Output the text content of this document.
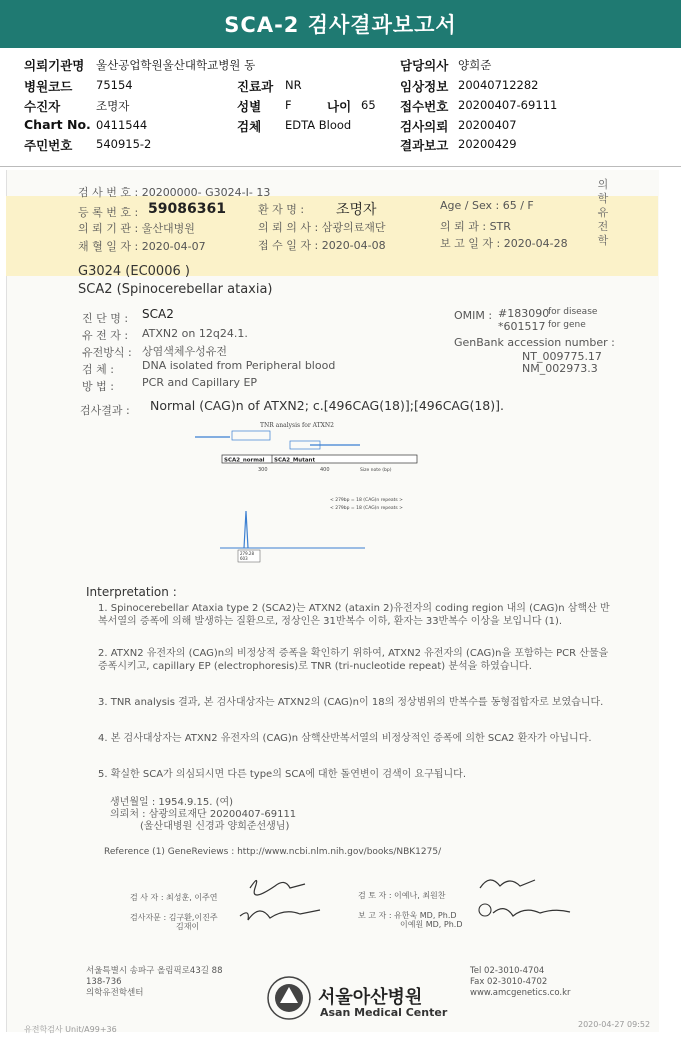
SCA-2 검사결과보고서
의뢰기관명 울산공업학원울산대학교병원 동	담당의사 양희준
병원코드 75154	진료과 NR	임상정보 20040712282
수진자	조명자	성별 F	나이 65 접수번호 20200407-69111
Chart No. 0411544	검체 EDTA Blood	검사의뢰 20200407
주민번호 540915-2	결과보고 20200429
검 사 번 호 : 20200000- G3024-I- 13
등 록 번 호 : 59086361	환 자 명 : 조명자	Age / Sex : 65 / F
의 뢰 기 관 : 울산대병원	의 뢰 의 사 : 삼광의료재단	의 뢰 과 : STR
채 혈 일 자 : 2020-04-07	접 수 일 자 : 2020-04-08	보 고 일 자 : 2020-04-28
의
학
유
전
학
G3024 (EC0006 )
SCA2 (Spinocerebellar ataxia)
진 단 명 : SCA2
유 전 자 : ATXN2 on 12q24.1.
유전방식 : 상염색체우성유전
검 체 :	DNA isolated from Peripheral blood
방 법 :	PCR and Capillary EP
OMIM : #183090
for disease
*601517 for gene
GenBank accession number :
NT_009775.17
NM_002973.3
검사결과 : Normal (CAG)n of ATXN2; c.[496CAG(18)];[496CAG(18)].
TNR analysis for ATXN2
SCA2_normal SCA2_Mutant
300	400	Size note (bp)
< 279bp = 18 (CAG)n repeats >
< 279bp = 18 (CAG)n repeats >
279.28
603
Interpretation :
1. Spinocerebellar Ataxia type 2 (SCA2)는 ATXN2 (ataxin 2)유전자의 coding region 내의 (CAG)n 삼핵산 반복서열의 증폭에 의해 발생하는 질환으로, 정상인은 31반복수 이하, 환자는 33반복수 이상을 보입니다 (1).
2. ATXN2 유전자의 (CAG)n의 비정상적 증폭을 확인하기 위하여, ATXN2 유전자의 (CAG)n을 포함하는 PCR 산물을 증폭시키고, capillary EP (electrophoresis)로 TNR (tri-nucleotide repeat) 분석을 하였습니다.
3. TNR analysis 결과, 본 검사대상자는 ATXN2의 (CAG)n이 18의 정상범위의 반복수를 동형접합자로 보였습니다.
4. 본 검사대상자는 ATXN2 유전자의 (CAG)n 삼핵산반복서열의 비정상적인 증폭에 의한 SCA2 환자가 아닙니다.
5. 확실한 SCA가 의심되시면 다른 type의 SCA에 대한 돌연변이 검색이 요구됩니다.
생년월일 : 1954.9.15. (여)
의뢰처 : 삼광의료재단 20200407-69111
(울산대병원 신경과 양희준선생님)
Reference (1) GeneReviews : http://www.ncbi.nlm.nih.gov/books/NBK1275/
검 사 자 : 최성훈, 이주연	검 토 자 : 이예나, 최원찬
검사자문 : 김구환,이진주
김재이
보 고 자 : 유한욱 MD, Ph.D
이예원 MD, Ph.D
서울특별시 송파구 올림픽로43길 88
138-736
의학유전학센터	서울아산병원
Asan Medical Center
Tel 02-3010-4704
Fax 02-3010-4702
www.amcgenetics.co.kr
유전학검사 Unit/A99+36
2020-04-27 09:52
